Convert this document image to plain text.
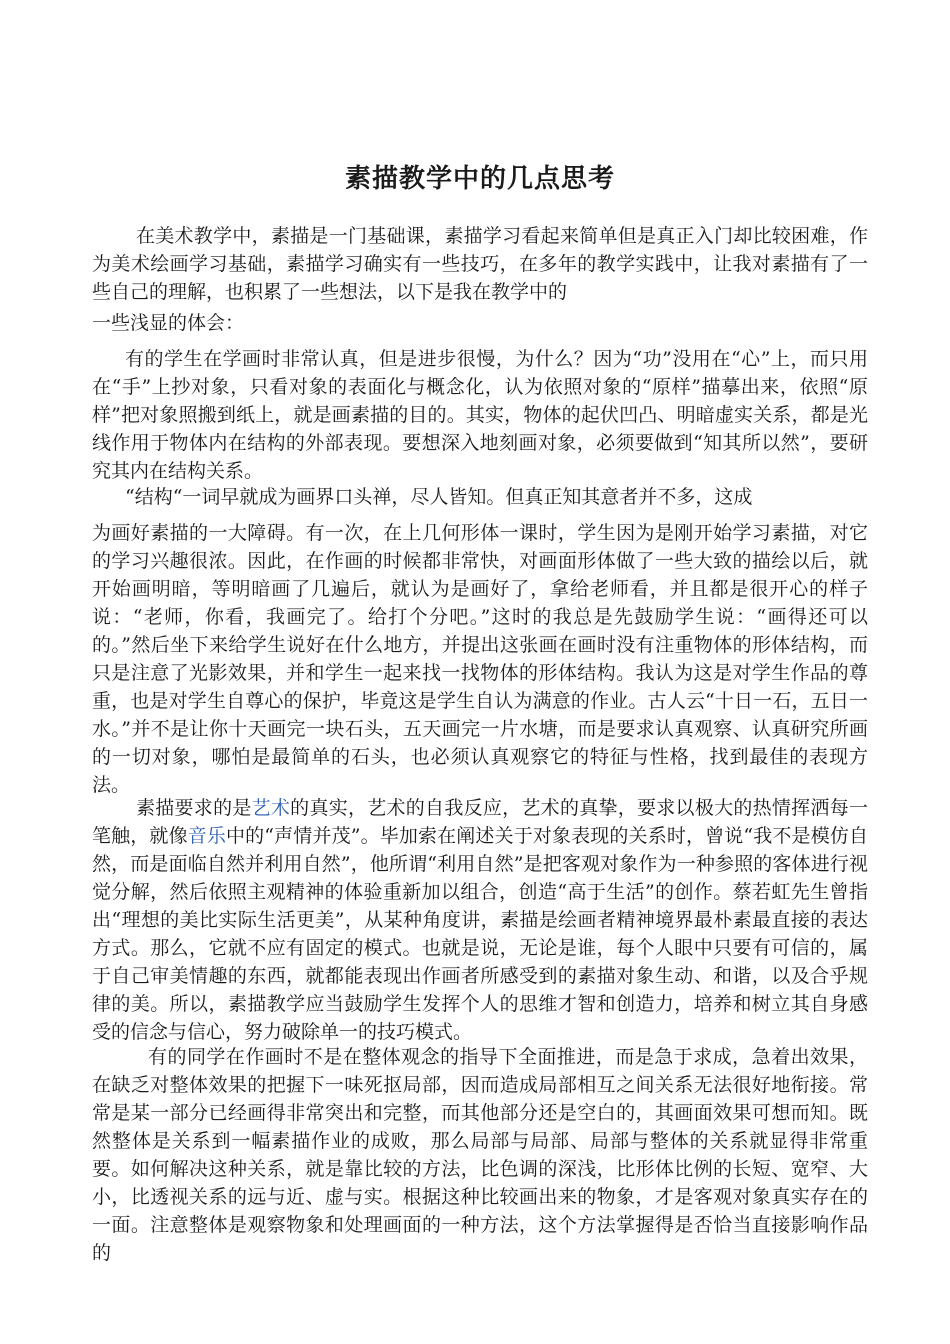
素描教学中的几点思考

在美术教学中，素描是一门基础课，素描学习看起来简单但是真正入门却比较困难，作为美术绘画学习基础，素描学习确实有一些技巧，在多年的教学实践中，让我对素描有了一些自己的理解，也积累了一些想法，以下是我在教学中的

一些浅显的体会：

有的学生在学画时非常认真，但是进步很慢，为什么？因为“功”没用在“心”上，而只用在“手”上抄对象，只看对象的表面化与概念化，认为依照对象的“原样”描摹出来，依照“原样”把对象照搬到纸上，就是画素描的目的。其实，物体的起伏凹凸、明暗虚实关系，都是光线作用于物体内在结构的外部表现。要想深入地刻画对象，必须要做到“知其所以然”，要研究其内在结构关系。

“结构“一词早就成为画界口头禅，尽人皆知。但真正知其意者并不多，这成

为画好素描的一大障碍。有一次，在上几何形体一课时，学生因为是刚开始学习素描，对它的学习兴趣很浓。因此，在作画的时候都非常快，对画面形体做了一些大致的描绘以后，就开始画明暗，等明暗画了几遍后，就认为是画好了，拿给老师看，并且都是很开心的样子说：“老师，你看，我画完了。给打个分吧。”这时的我总是先鼓励学生说：“画得还可以的。”然后坐下来给学生说好在什么地方，并提出这张画在画时没有注重物体的形体结构，而只是注意了光影效果，并和学生一起来找一找物体的形体结构。我认为这是对学生作品的尊重，也是对学生自尊心的保护，毕竟这是学生自认为满意的作业。古人云“十日一石，五日一水。”并不是让你十天画完一块石头，五天画完一片水塘，而是要求认真观察、认真研究所画的一切对象，哪怕是最简单的石头，也必须认真观察它的特征与性格，找到最佳的表现方法。

素描要求的是艺术的真实，艺术的自我反应，艺术的真挚，要求以极大的热情挥洒每一笔触，就像音乐中的“声情并茂”。毕加索在阐述关于对象表现的关系时，曾说“我不是模仿自然，而是面临自然并利用自然”，他所谓“利用自然”是把客观对象作为一种参照的客体进行视觉分解，然后依照主观精神的体验重新加以组合，创造“高于生活”的创作。蔡若虹先生曾指出“理想的美比实际生活更美”，从某种角度讲，素描是绘画者精神境界最朴素最直接的表达方式。那么，它就不应有固定的模式。也就是说，无论是谁，每个人眼中只要有可信的，属于自己审美情趣的东西，就都能表现出作画者所感受到的素描对象生动、和谐，以及合乎规律的美。所以，素描教学应当鼓励学生发挥个人的思维才智和创造力，培养和树立其自身感受的信念与信心，努力破除单一的技巧模式。

有的同学在作画时不是在整体观念的指导下全面推进，而是急于求成，急着出效果，在缺乏对整体效果的把握下一味死抠局部，因而造成局部相互之间关系无法很好地衔接。常常是某一部分已经画得非常突出和完整，而其他部分还是空白的，其画面效果可想而知。既然整体是关系到一幅素描作业的成败，那么局部与局部、局部与整体的关系就显得非常重要。如何解决这种关系，就是靠比较的方法，比色调的深浅，比形体比例的长短、宽窄、大小，比透视关系的远与近、虚与实。根据这种比较画出来的物象，才是客观对象真实存在的一面。注意整体是观察物象和处理画面的一种方法，这个方法掌握得是否恰当直接影响作品的
